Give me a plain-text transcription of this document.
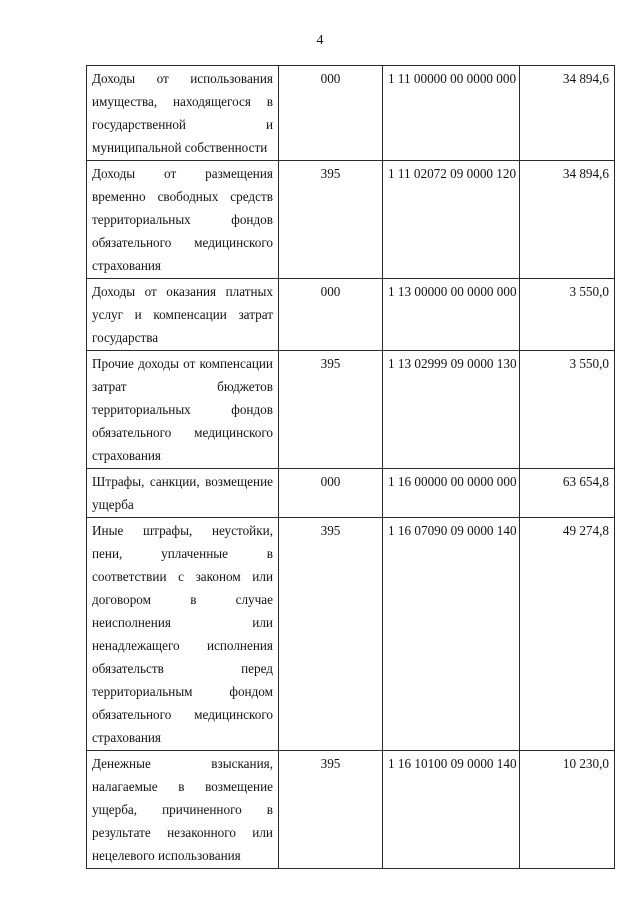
4
Доходы от использования имущества, находящегося в государственной и муниципальной собственности	000	1 11 00000 00 0000 000	34 894,6
Доходы от размещения временно свободных средств территориальных фондов обязательного медицинского страхования	395	1 11 02072 09 0000 120	34 894,6
Доходы от оказания платных услуг и компенсации затрат государства	000	1 13 00000 00 0000 000	3 550,0
Прочие доходы от компенсации затрат бюджетов территориальных фондов обязательного медицинского страхования	395	1 13 02999 09 0000 130	3 550,0
Штрафы, санкции, возмещение ущерба	000	1 16 00000 00 0000 000	63 654,8
Иные штрафы, неустойки, пени, уплаченные в соответствии с законом или договором в случае неисполнения или ненадлежащего исполнения обязательств перед территориальным фондом обязательного медицинского страхования	395	1 16 07090 09 0000 140	49 274,8
Денежные взыскания, налагаемые в возмещение ущерба, причиненного в результате незаконного или нецелевого использования	395	1 16 10100 09 0000 140	10 230,0
